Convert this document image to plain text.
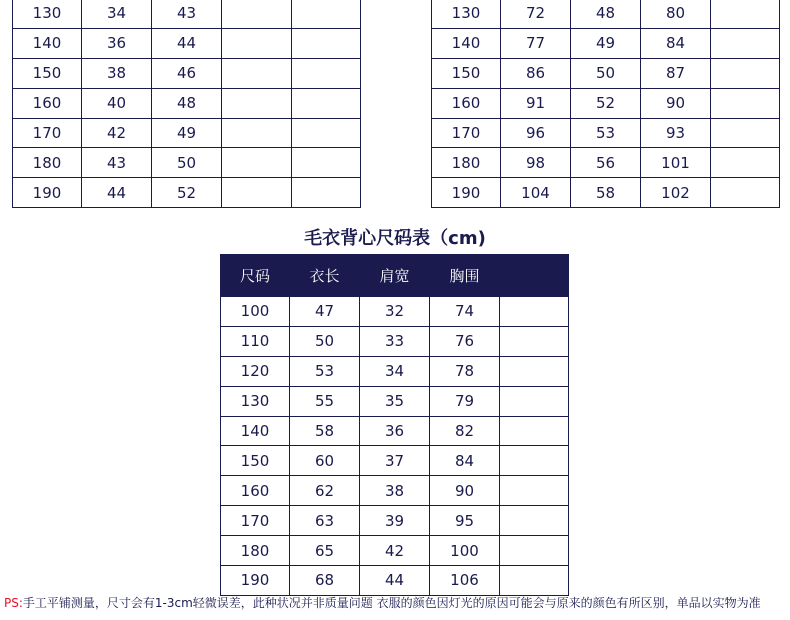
130	34	43		
140	36	44		
150	38	46		
160	40	48		
170	42	49		
180	43	50		
190	44	52		
130	72	48	80	
140	77	49	84	
150	86	50	87	
160	91	52	90	
170	96	53	93	
180	98	56	101	
190	104	58	102	
毛衣背心尺码表（cm)
尺码	衣长	肩宽	胸围	
100	47	32	74	
110	50	33	76	
120	53	34	78	
130	55	35	79	
140	58	36	82	
150	60	37	84	
160	62	38	90	
170	63	39	95	
180	65	42	100	
190	68	44	106	
PS:手工平铺测量，尺寸会有1-3cm轻微误差，此种状况并非质量问题 衣服的颜色因灯光的原因可能会与原来的颜色有所区别，单品以实物为准
